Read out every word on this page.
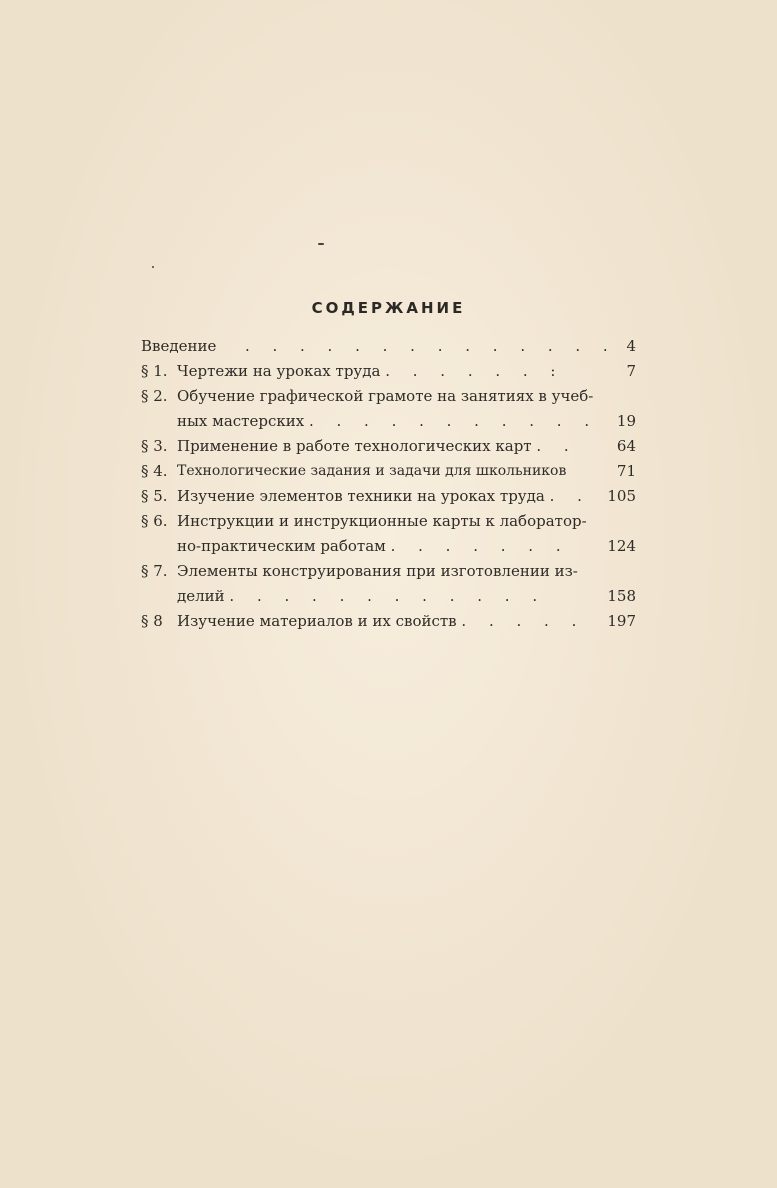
СОДЕРЖАНИЕ
Введение . . . . . . . . . . . . . . 4
§ 1. Чертежи на уроках труда . . . . . . :	7
§ 2. Обучение графической грамоте на занятиях в учеб-
ных мастерских . . . . . . . . . . . 19
§ 3. Применение в работе технологических карт . .	64
§ 4. Технологические задания и задачи для школьников	71
§ 5. Изучение элементов техники на уроках труда . . 105
§ 6. Инструкции и инструкционные карты к лаборатор-
но-практическим работам . . . . . . .	124
§ 7. Элементы конструирования при изготовлении из-
делий . . . . . . . . . . . .	158
§ 8 Изучение материалов и их свойств . . . . . 197
